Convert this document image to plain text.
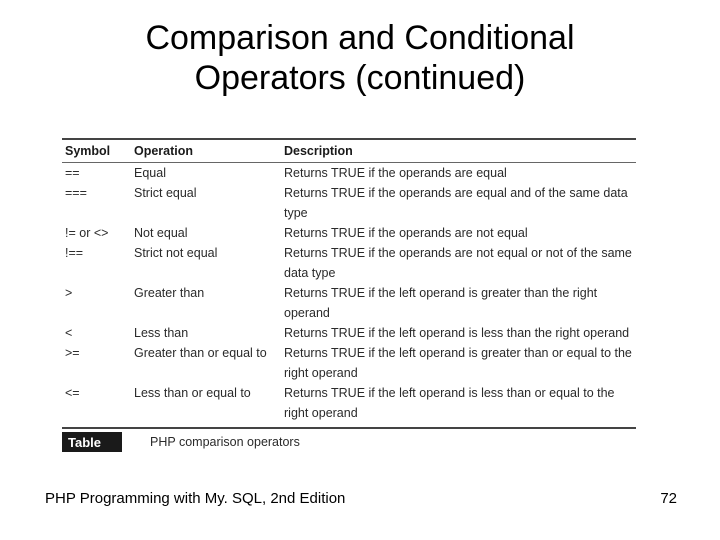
Comparison and Conditional
Operators (continued)
Symbol	Operation	Description
==	Equal	Returns TRUE if the operands are equal
===	Strict equal	Returns TRUE if the operands are equal and of the same data type
!= or <>	Not equal	Returns TRUE if the operands are not equal
!==	Strict not equal	Returns TRUE if the operands are not equal or not of the same data type
>	Greater than	Returns TRUE if the left operand is greater than the right operand
<	Less than	Returns TRUE if the left operand is less than the right operand
>=	Greater than or equal to	Returns TRUE if the left operand is greater than or equal to the right operand
<=	Less than or equal to	Returns TRUE if the left operand is less than or equal to the right operand
Table 1-6
PHP comparison operators
PHP Programming with My. SQL, 2nd Edition	72
